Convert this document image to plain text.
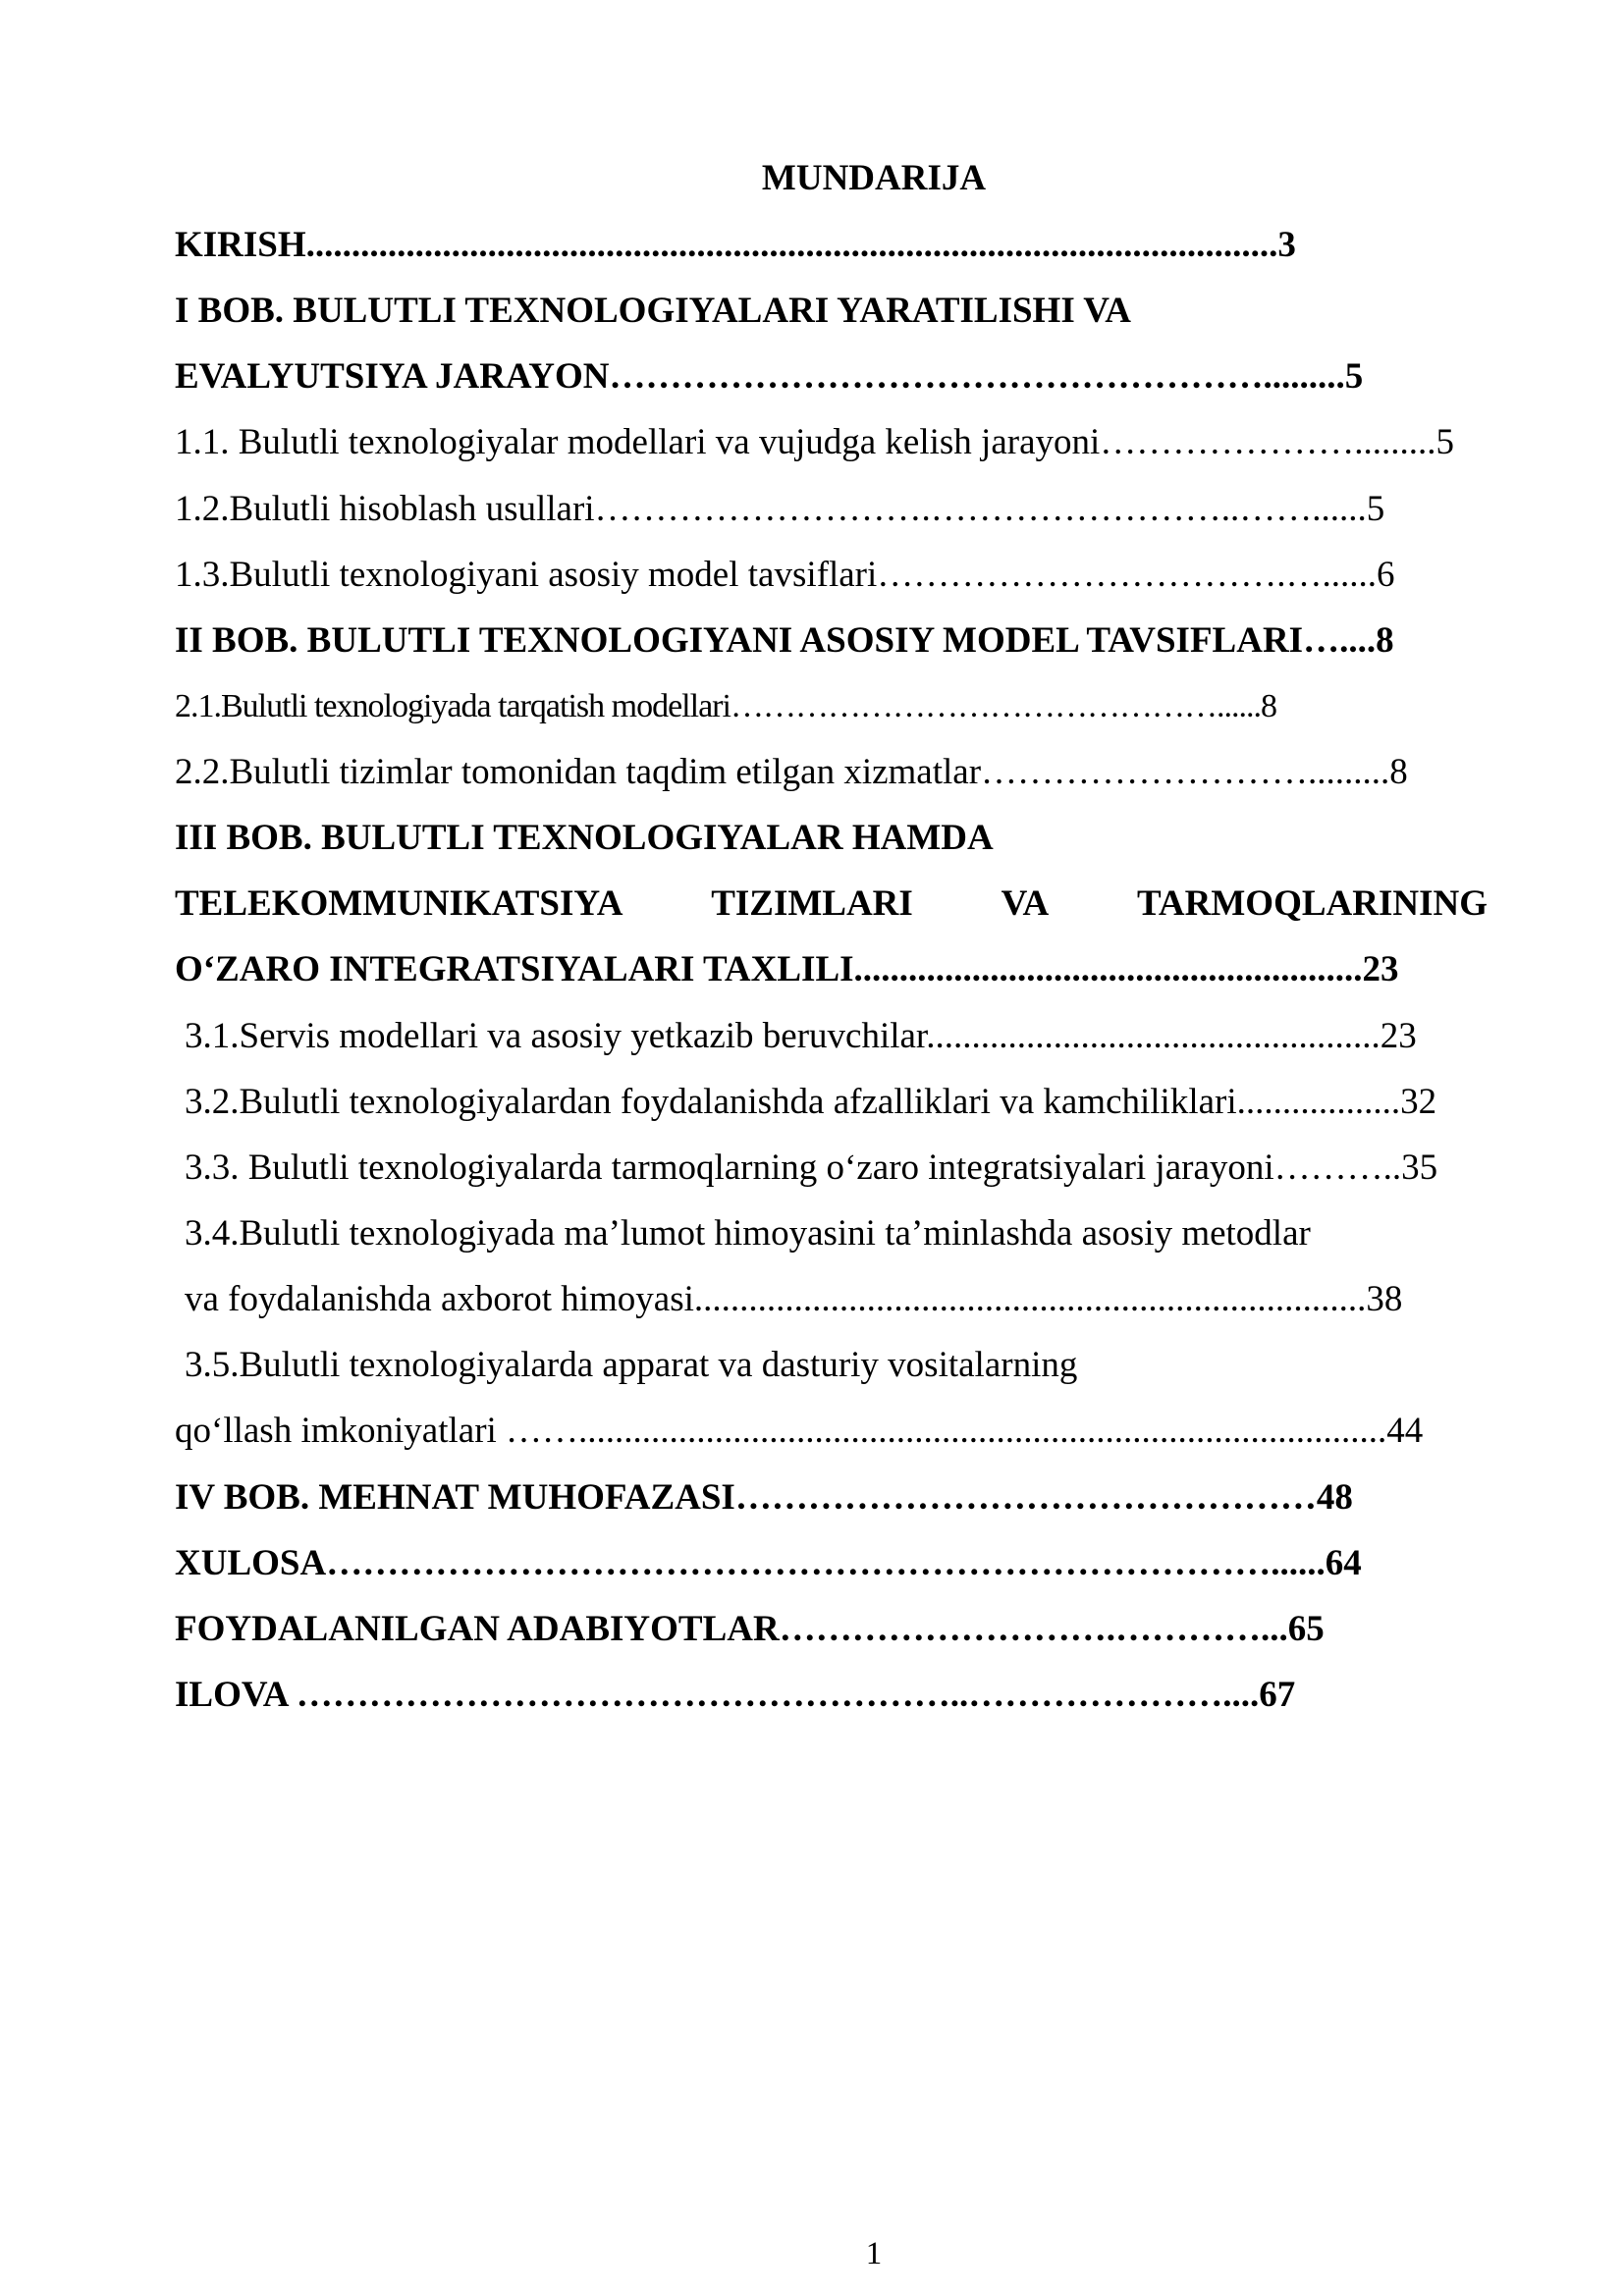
MUNDARIJA
KIRISH...........................................................................................................3
I BOB. BULUTLI TEXNOLOGIYALARI YARATILISHI VA
EVALYUTSIYA JARAYON……………………………………………….........5
1.1. Bulutli texnologiyalar modellari va vujudga kelish jarayoni………………….........5
1.2.Bulutli hisoblash usullari……………………….……………………..……......5
1.3.Bulutli texnologiyani asosiy model tavsiflari…………………………….…......6
II BOB. BULUTLI TEXNOLOGIYANI ASOSIY MODEL TAVSIFLARI…....8
2.1.Bulutli texnologiyada tarqatish modellari………………………………………......8
2.2.Bulutli tizimlar tomonidan taqdim etilgan xizmatlar……………………….........8
III BOB. BULUTLI TEXNOLOGIYALAR HAMDA
TELEKOMMUNIKATSIYA TIZIMLARI VA TARMOQLARINING
O‘ZARO INTEGRATSIYALARI TAXLILI........................................................23
3.1.Servis modellari va asosiy yetkazib beruvchilar..................................................23
3.2.Bulutli texnologiyalardan foydalanishda afzalliklari va kamchiliklari..................32
3.3. Bulutli texnologiyalarda tarmoqlarning o‘zaro integratsiyalari jarayoni………..35
3.4.Bulutli texnologiyada ma’lumot himoyasini ta’minlashda asosiy metodlar
va foydalanishda axborot himoyasi..........................................................................38
3.5.Bulutli texnologiyalarda apparat va dasturiy vositalarning
qo‘llash imkoniyatlari …….........................................................................................44
IV BOB. MEHNAT MUHOFAZASI…………………………………………48
XULOSA……………………………………………………………………......64
FOYDALANILGAN ADABIYOTLAR……………………….…………...65
ILOVA ………………………………………………..…………………....67
1
